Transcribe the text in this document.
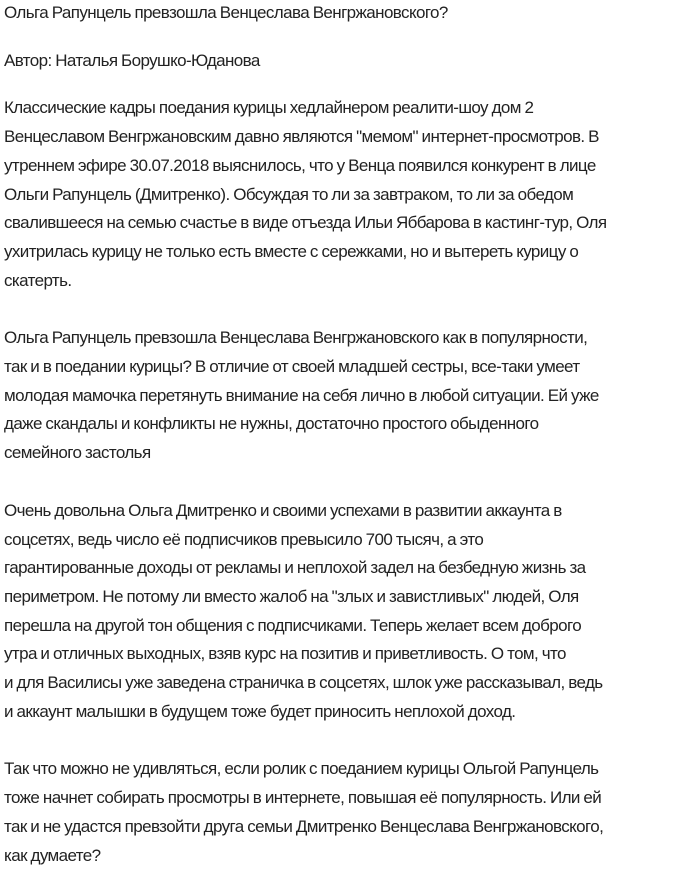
Ольга Рапунцель превзошла Венцеслава Венгржановского?

Автор: Наталья Борушко-Юданова

Классические кадры поедания курицы хедлайнером реалити-шоу дом 2

Венцеславом Венгржановским давно являются "мемом" интернет-просмотров. В

утреннем эфире 30.07.2018 выяснилось, что у Венца появился конкурент в лице

Ольги Рапунцель (Дмитренко). Обсуждая то ли за завтраком, то ли за обедом

свалившееся на семью счастье в виде отъезда Ильи Яббарова в кастинг-тур, Оля

ухитрилась курицу не только есть вместе с сережками, но и вытереть курицу о

скатерть.

Ольга Рапунцель превзошла Венцеслава Венгржановского как в популярности,

так и в поедании курицы? В отличие от своей младшей сестры, все-таки умеет

молодая мамочка перетянуть внимание на себя лично в любой ситуации. Ей уже

даже скандалы и конфликты не нужны, достаточно простого обыденного

семейного застолья

Очень довольна Ольга Дмитренко и своими успехами в развитии аккаунта в

соцсетях, ведь число её подписчиков превысило 700 тысяч, а это

гарантированные доходы от рекламы и неплохой задел на безбедную жизнь за

периметром. Не потому ли вместо жалоб на "злых и завистливых" людей, Оля

перешла на другой тон общения с подписчиками. Теперь желает всем доброго

утра и отличных выходных, взяв курс на позитив и приветливость. О том, что

и для Василисы уже заведена страничка в соцсетях, шлок уже рассказывал, ведь

и аккаунт малышки в будущем тоже будет приносить неплохой доход.

Так что можно не удивляться, если ролик с поеданием курицы Ольгой Рапунцель

тоже начнет собирать просмотры в интернете, повышая её популярность. Или ей

так и не удастся превзойти друга семьи Дмитренко Венцеслава Венгржановского,

как думаете?
